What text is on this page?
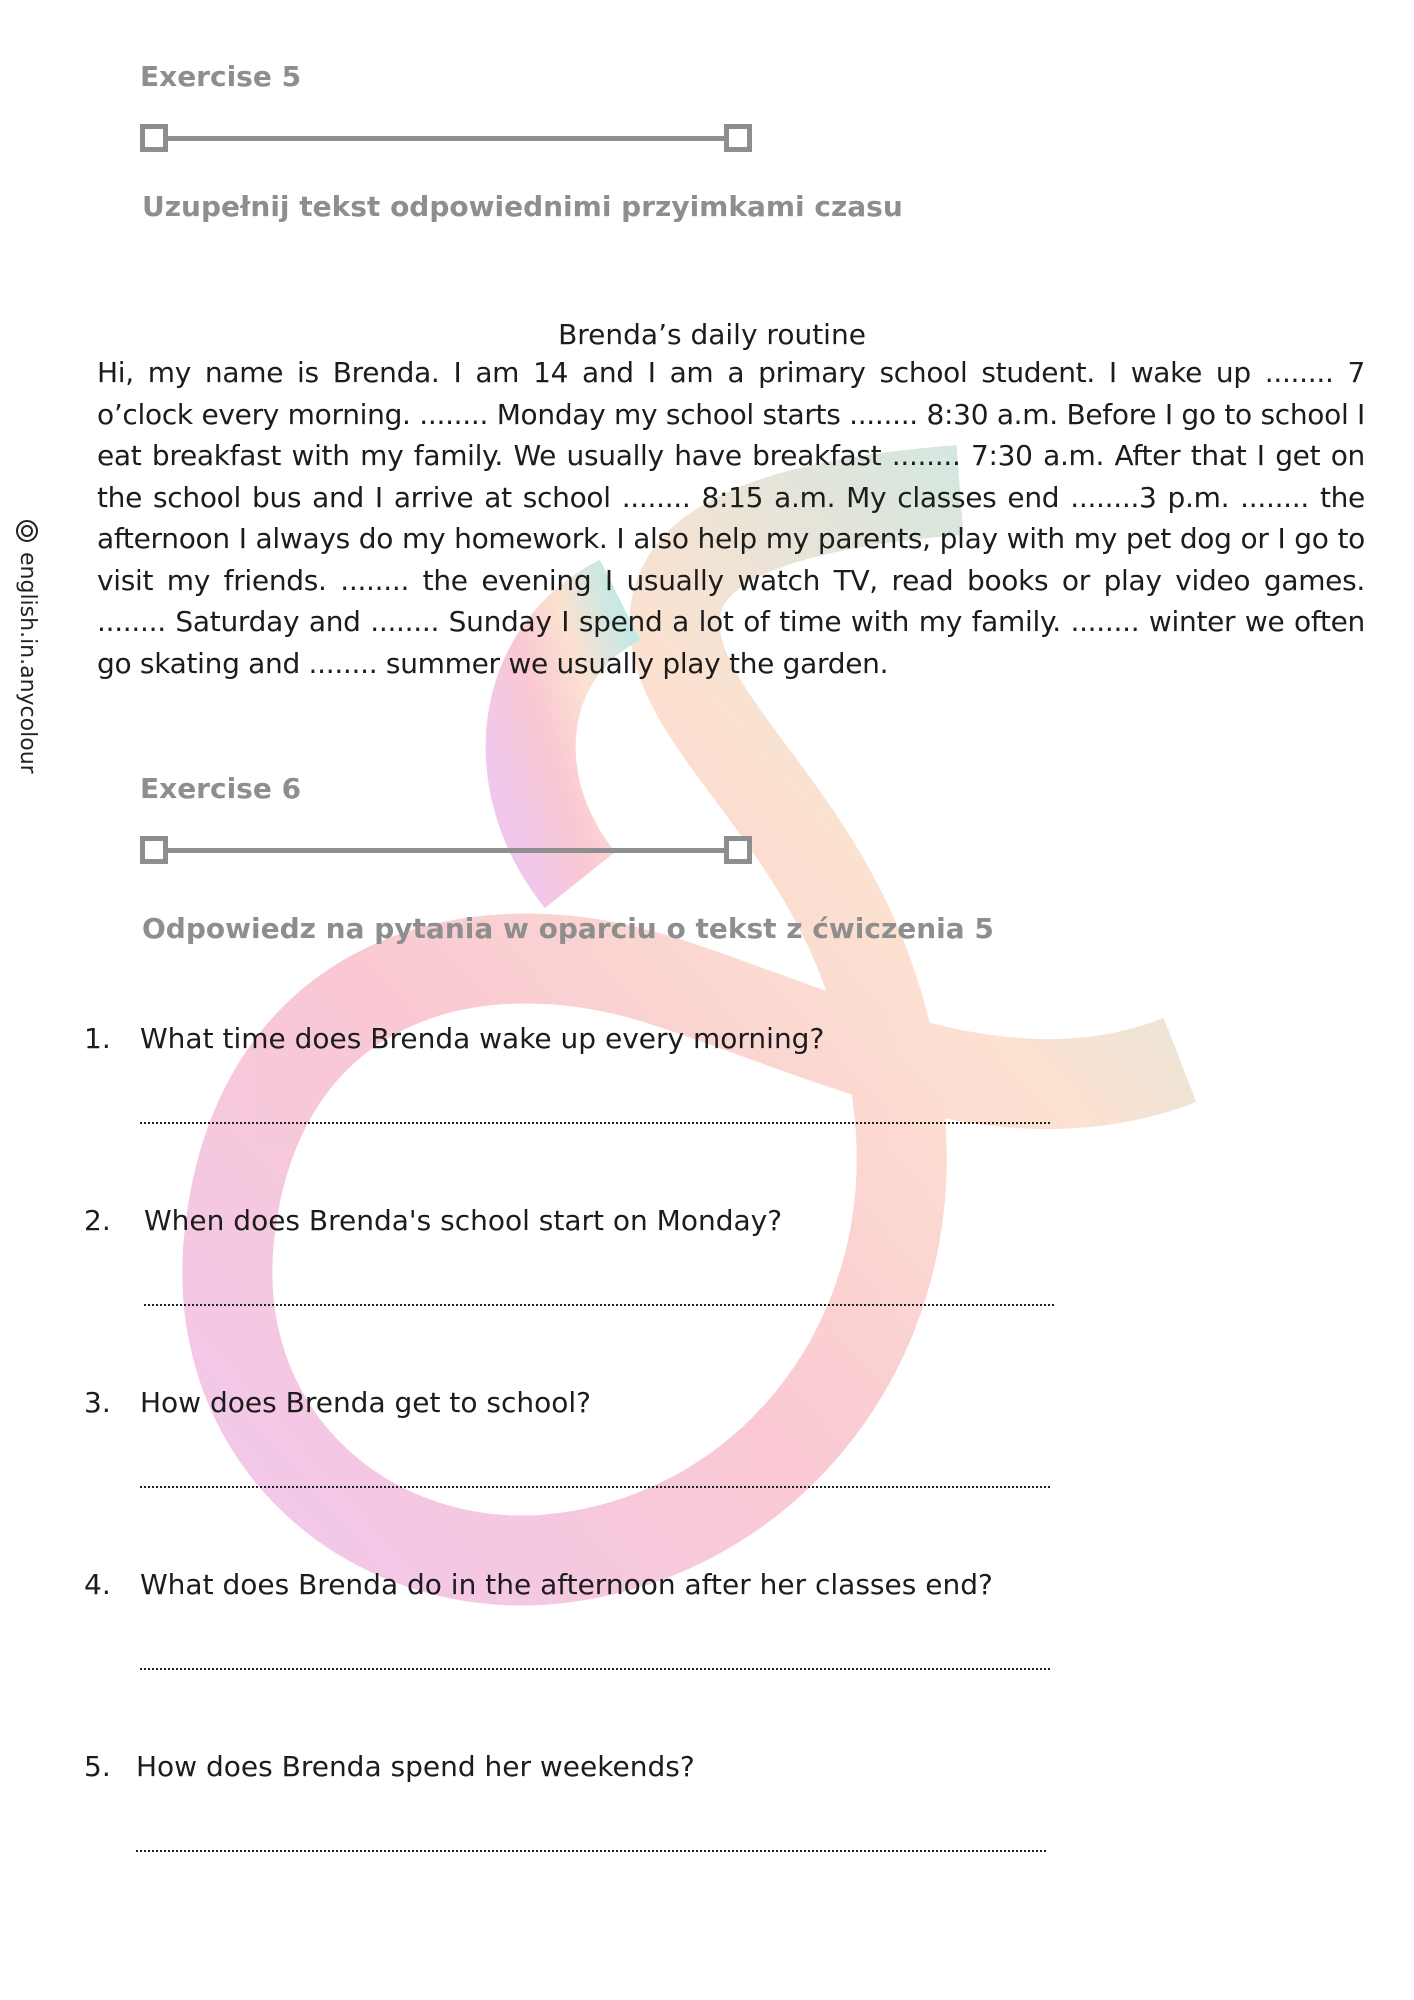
english.in.anycolour
Exercise 5
Uzupełnij tekst odpowiednimi przyimkami czasu
Brenda’s daily routine
Hi, my name is Brenda. I am 14 and I am a primary school student. I wake up ........ 7 o’clock every morning. ........ Monday my school starts ........ 8:30 a.m. Before I go to school I eat breakfast with my family. We usually have breakfast ........ 7:30 a.m. After that I get on the school bus and I arrive at school ........ 8:15 a.m. My classes end ........3 p.m. ........ the afternoon I always do my homework. I also help my parents, play with my pet dog or I go to visit my friends. ........ the evening I usually watch TV, read books or play video games. ........ Saturday and ........ Sunday I spend a lot of time with my family. ........ winter we often go skating and ........ summer we usually play the garden.
Exercise 6
Odpowiedz na pytania w oparciu o tekst z ćwiczenia 5
1.	What time does Brenda wake up every morning?
2.	When does Brenda's school start on Monday?
3.	How does Brenda get to school?
4.	What does Brenda do in the afternoon after her classes end?
5. How does Brenda spend her weekends?
